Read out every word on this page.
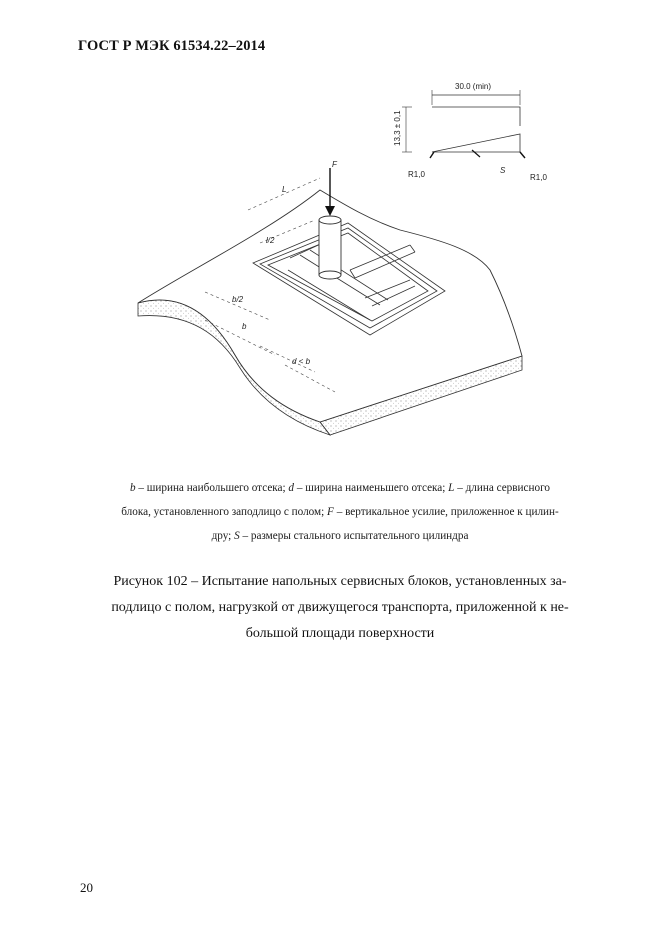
ГОСТ Р МЭК 61534.22–2014
F
L
l/2
b/2
b
d < b
30.0 (min)
13,3 ± 0,1
R1,0	R1,0
S
b – ширина наибольшего отсека; d – ширина наименьшего отсека; L – длина сервисного
блока, установленного заподлицо с полом; F – вертикальное усилие, приложенное к цилин-
дру; S – размеры стального испытательного цилиндра
Рисунок 102 – Испытание напольных сервисных блоков, установленных за-
подлицо с полом, нагрузкой от движущегося транспорта, приложенной к не-
большой площади поверхности
20
